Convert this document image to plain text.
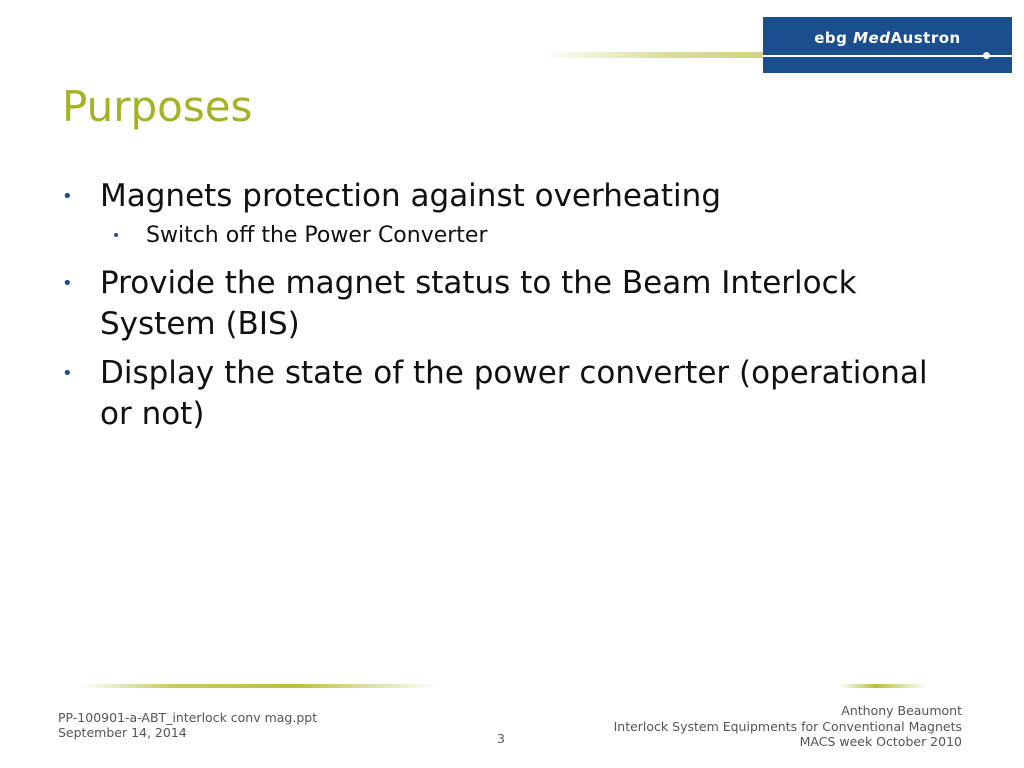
ebg MedAustron
Purposes
• Magnets protection against overheating
• Switch off the Power Converter
• Provide the magnet status to the Beam Interlock System (BIS)
• Display the state of the power converter (operational or not)
PP-100901-a-ABT_interlock conv mag.ppt
September 14, 2014	3
Anthony Beaumont
Interlock System Equipments for Conventional Magnets
MACS week October 2010
